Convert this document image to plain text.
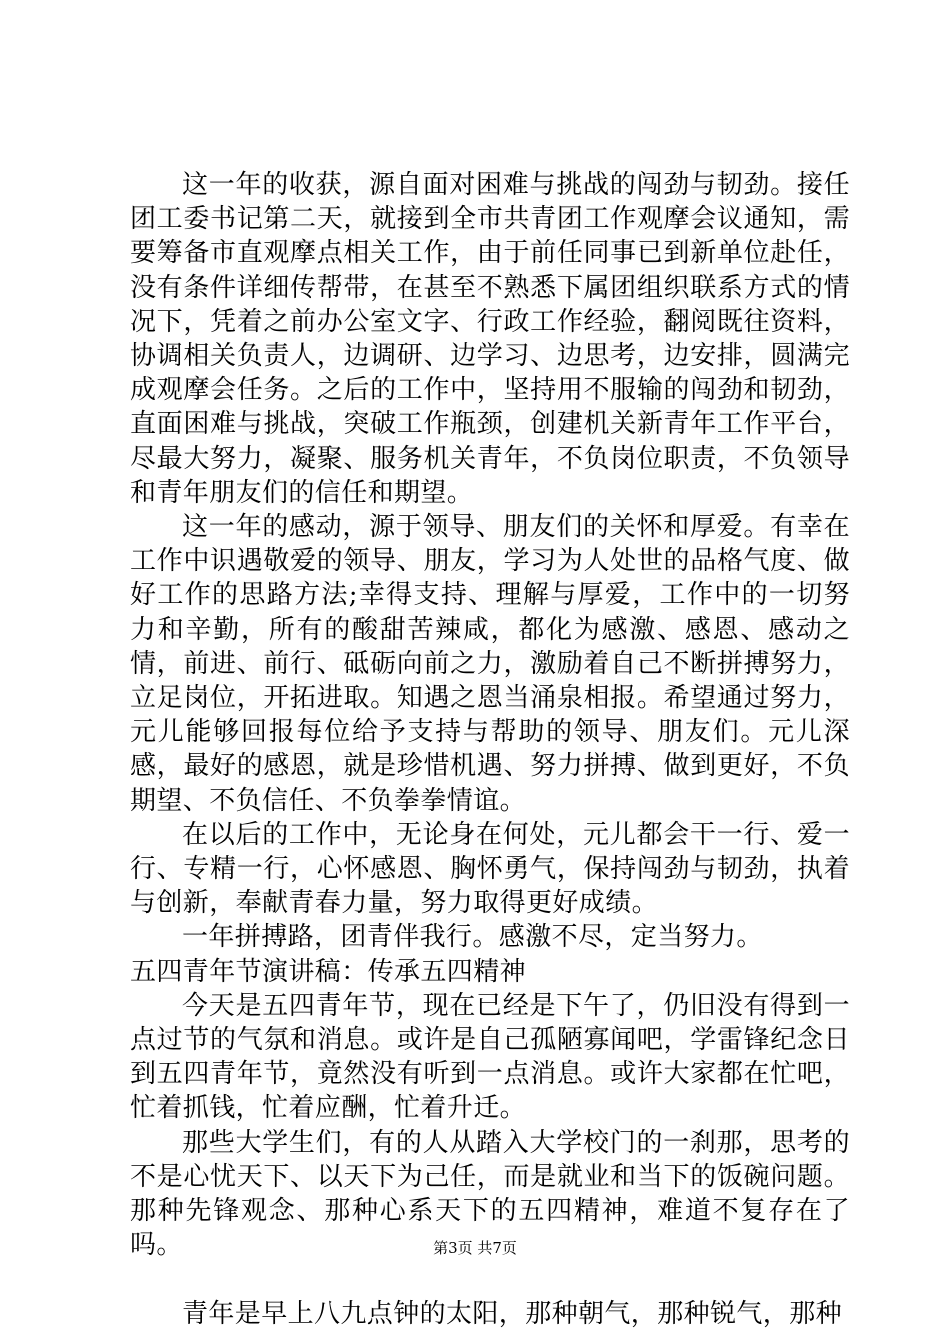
这一年的收获，源自面对困难与挑战的闯劲与韧劲。接任团工委书记第二天，就接到全市共青团工作观摩会议通知，需要筹备市直观摩点相关工作，由于前任同事已到新单位赴任，没有条件详细传帮带，在甚至不熟悉下属团组织联系方式的情况下，凭着之前办公室文字、行政工作经验，翻阅既往资料，协调相关负责人，边调研、边学习、边思考，边安排，圆满完成观摩会任务。之后的工作中，坚持用不服输的闯劲和韧劲，直面困难与挑战，突破工作瓶颈，创建机关新青年工作平台，尽最大努力，凝聚、服务机关青年，不负岗位职责，不负领导和青年朋友们的信任和期望。

这一年的感动，源于领导、朋友们的关怀和厚爱。有幸在工作中识遇敬爱的领导、朋友，学习为人处世的品格气度、做好工作的思路方法;幸得支持、理解与厚爱，工作中的一切努力和辛勤，所有的酸甜苦辣咸，都化为感激、感恩、感动之情，前进、前行、砥砺向前之力，激励着自己不断拼搏努力，立足岗位，开拓进取。知遇之恩当涌泉相报。希望通过努力，元儿能够回报每位给予支持与帮助的领导、朋友们。元儿深感，最好的感恩，就是珍惜机遇、努力拼搏、做到更好，不负期望、不负信任、不负拳拳情谊。

在以后的工作中，无论身在何处，元儿都会干一行、爱一行、专精一行，心怀感恩、胸怀勇气，保持闯劲与韧劲，执着与创新，奉献青春力量，努力取得更好成绩。

一年拼搏路，团青伴我行。感激不尽，定当努力。

五四青年节演讲稿：传承五四精神

今天是五四青年节，现在已经是下午了，仍旧没有得到一点过节的气氛和消息。或许是自己孤陋寡闻吧，学雷锋纪念日到五四青年节，竟然没有听到一点消息。或许大家都在忙吧，忙着抓钱，忙着应酬，忙着升迁。

那些大学生们，有的人从踏入大学校门的一刹那，思考的不是心忧天下、以天下为己任，而是就业和当下的饭碗问题。那种先锋观念、那种心系天下的五四精神，难道不复存在了吗。

青年是早上八九点钟的太阳，那种朝气，那种锐气，那种

第3页 共7页
